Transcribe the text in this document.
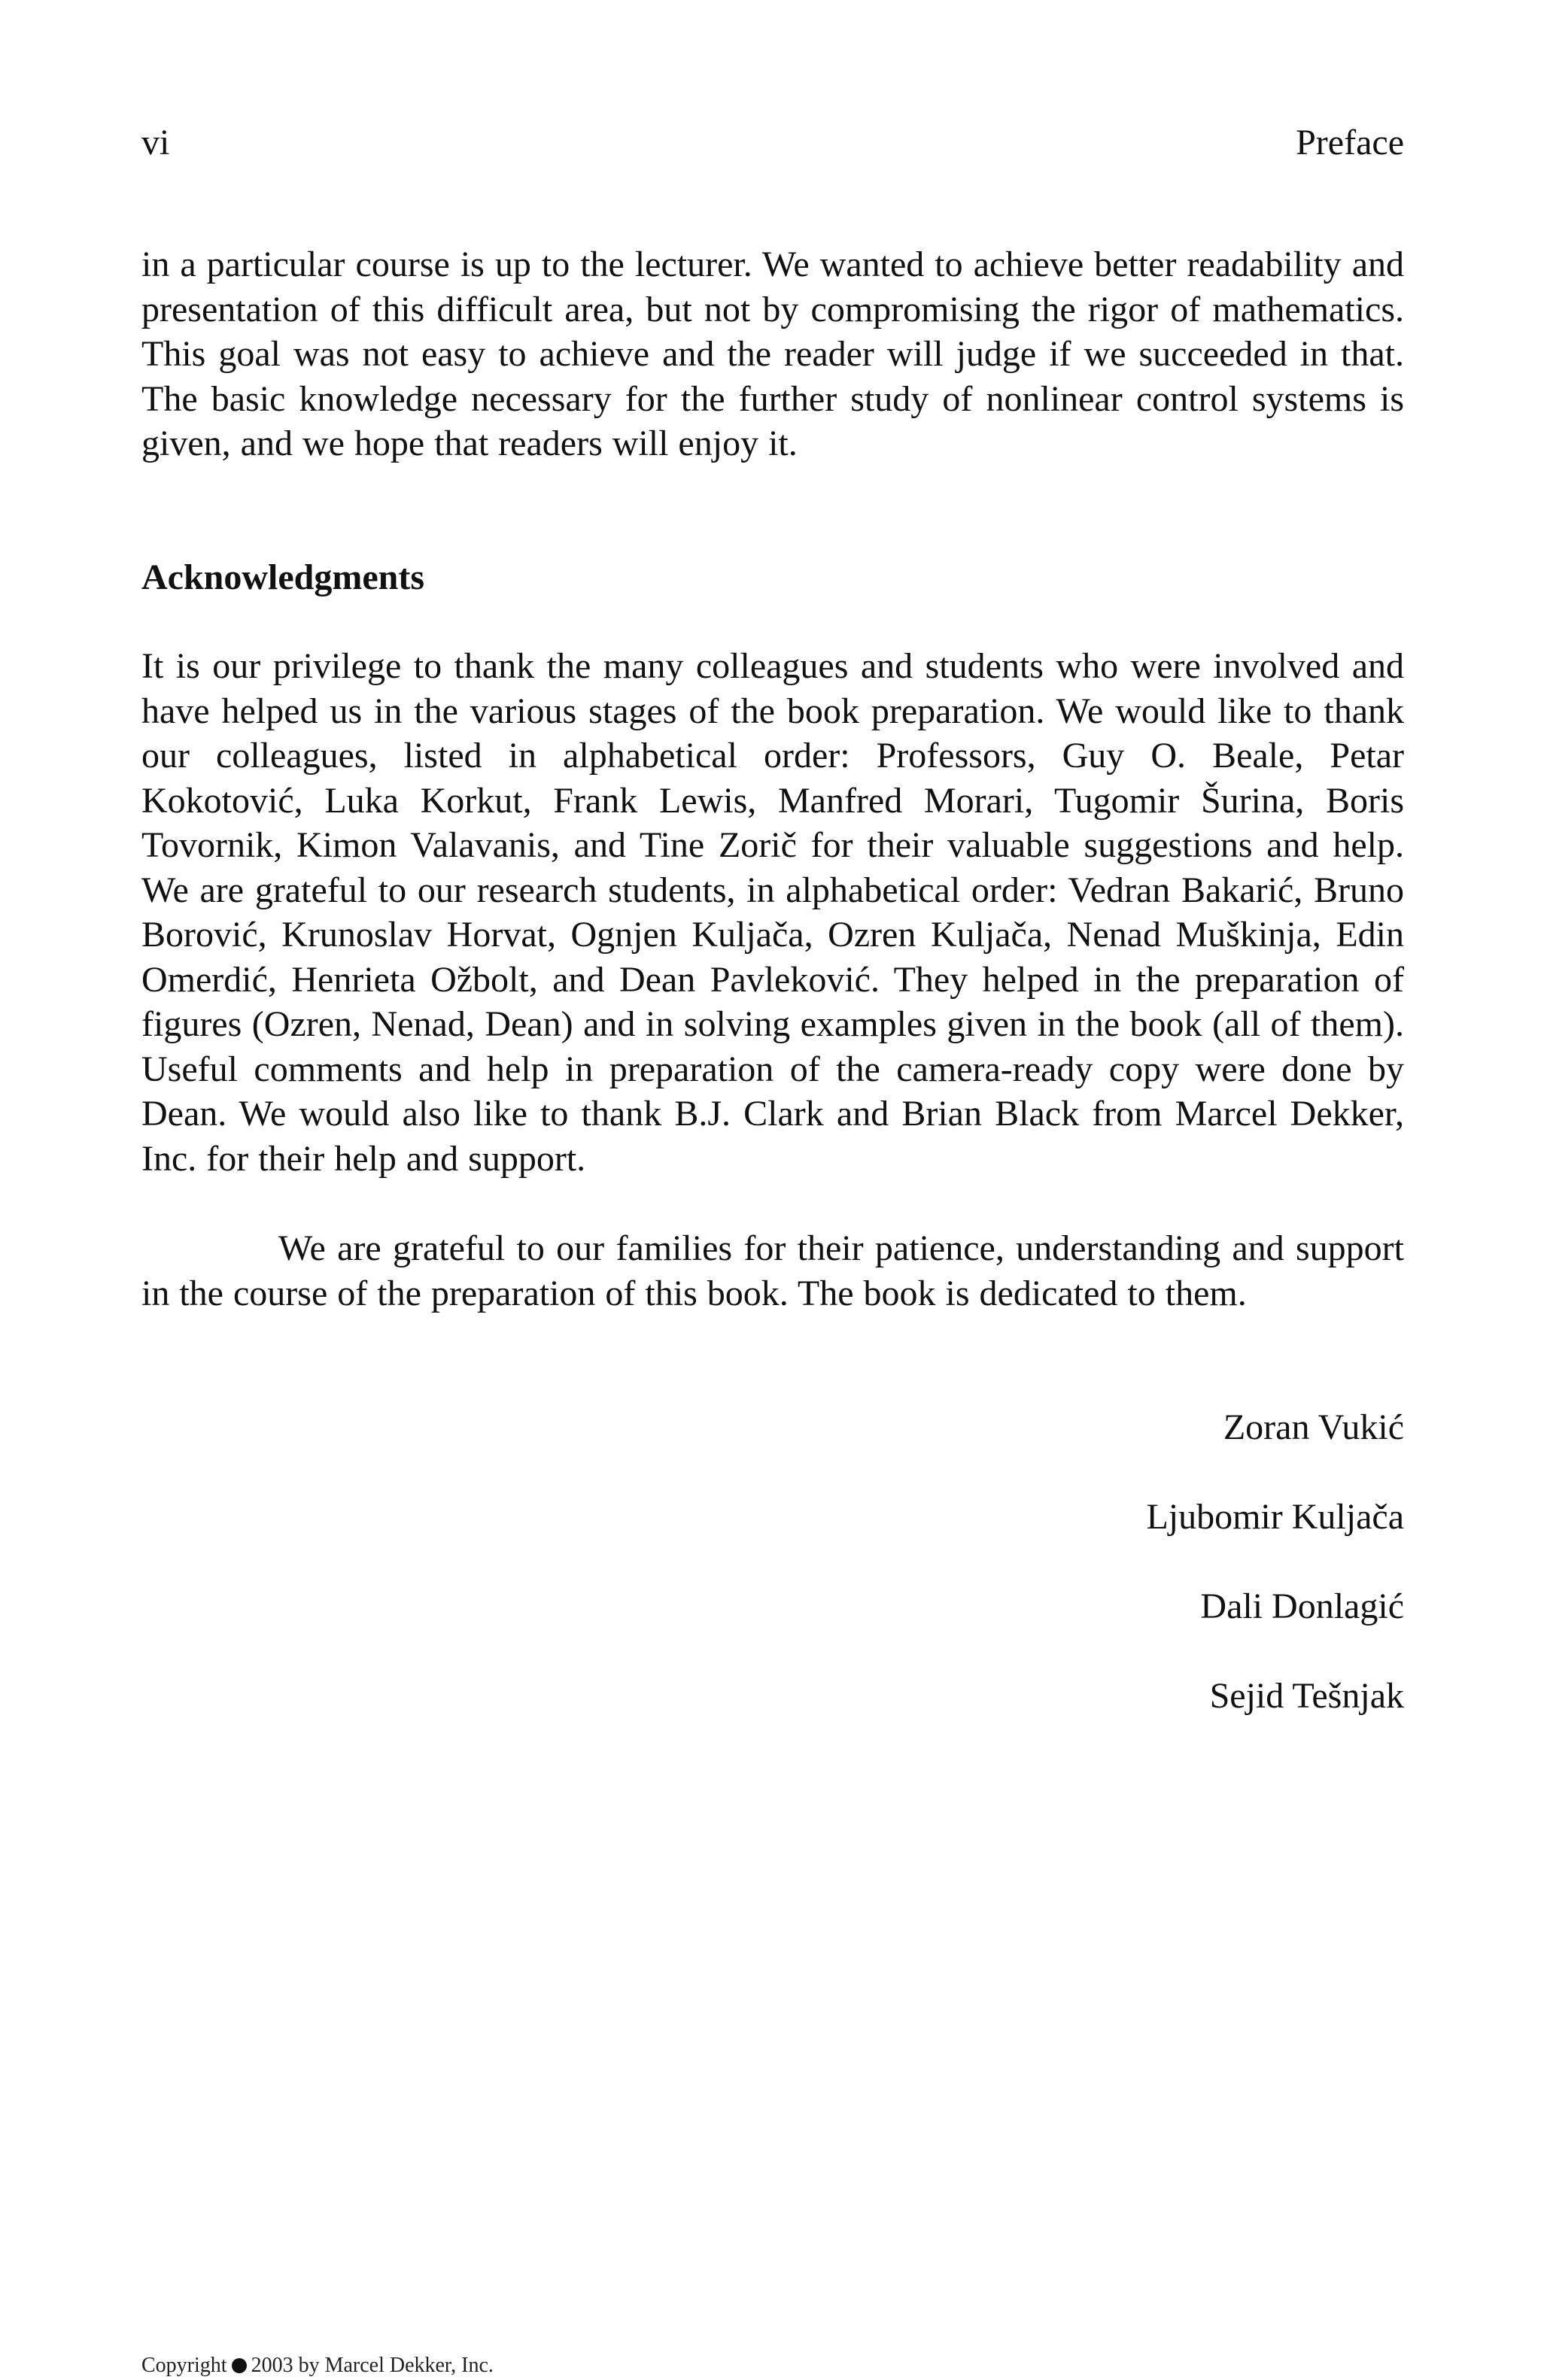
vi	Preface

in a particular course is up to the lecturer. We wanted to achieve better readability and presentation of this difficult area, but not by compromising the rigor of mathematics. This goal was not easy to achieve and the reader will judge if we succeeded in that. The basic knowledge necessary for the further study of nonlinear control systems is given, and we hope that readers will enjoy it.

Acknowledgments

It is our privilege to thank the many colleagues and students who were involved and have helped us in the various stages of the book preparation. We would like to thank our colleagues, listed in alphabetical order: Professors, Guy O. Beale, Petar Kokotović, Luka Korkut, Frank Lewis, Manfred Morari, Tugomir Šurina, Boris Tovornik, Kimon Valavanis, and Tine Zorič for their valuable suggestions and help. We are grateful to our research students, in alphabetical order: Vedran Bakarić, Bruno Borović, Krunoslav Horvat, Ognjen Kuljača, Ozren Kuljača, Nenad Muškinja, Edin Omerdić, Henrieta Ožbolt, and Dean Pavleković. They helped in the preparation of figures (Ozren, Nenad, Dean) and in solving examples given in the book (all of them). Useful comments and help in preparation of the camera-ready copy were done by Dean. We would also like to thank B.J. Clark and Brian Black from Marcel Dekker, Inc. for their help and support.

We are grateful to our families for their patience, understanding and support in the course of the preparation of this book. The book is dedicated to them.

Zoran Vukić
Ljubomir Kuljača
Dali Donlagić
Sejid Tešnjak
Copyright 2003 by Marcel Dekker, Inc.
